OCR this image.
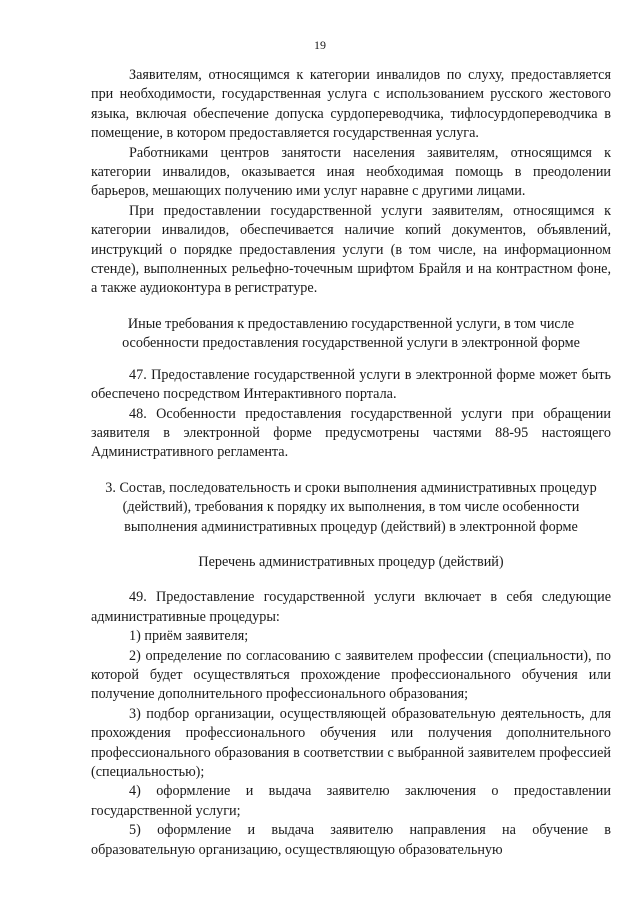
19

Заявителям, относящимся к категории инвалидов по слуху, предоставляется при необходимости, государственная услуга с использованием русского жестового языка, включая обеспечение допуска сурдопереводчика, тифлосурдопереводчика в помещение, в котором предоставляется государственная услуга.

Работниками центров занятости населения заявителям, относящимся к категории инвалидов, оказывается иная необходимая помощь в преодолении барьеров, мешающих получению ими услуг наравне с другими лицами.

При предоставлении государственной услуги заявителям, относящимся к категории инвалидов, обеспечивается наличие копий документов, объявлений, инструкций о порядке предоставления услуги (в том числе, на информационном стенде), выполненных рельефно-точечным шрифтом Брайля и на контрастном фоне, а также аудиоконтура в регистратуре.

Иные требования к предоставлению государственной услуги, в том числе особенности предоставления государственной услуги в электронной форме

47. Предоставление государственной услуги в электронной форме может быть обеспечено посредством Интерактивного портала.

48. Особенности предоставления государственной услуги при обращении заявителя в электронной форме предусмотрены частями 88-95 настоящего Административного регламента.

3. Состав, последовательность и сроки выполнения административных процедур (действий), требования к порядку их выполнения, в том числе особенности выполнения административных процедур (действий) в электронной форме

Перечень административных процедур (действий)

49. Предоставление государственной услуги включает в себя следующие административные процедуры:

1) приём заявителя;

2) определение по согласованию с заявителем профессии (специальности), по которой будет осуществляться прохождение профессионального обучения или получение дополнительного профессионального образования;

3) подбор организации, осуществляющей образовательную деятельность, для прохождения профессионального обучения или получения дополнительного профессионального образования в соответствии с выбранной заявителем профессией (специальностью);

4) оформление и выдача заявителю заключения о предоставлении государственной услуги;

5) оформление и выдача заявителю направления на обучение в образовательную организацию, осуществляющую образовательную
